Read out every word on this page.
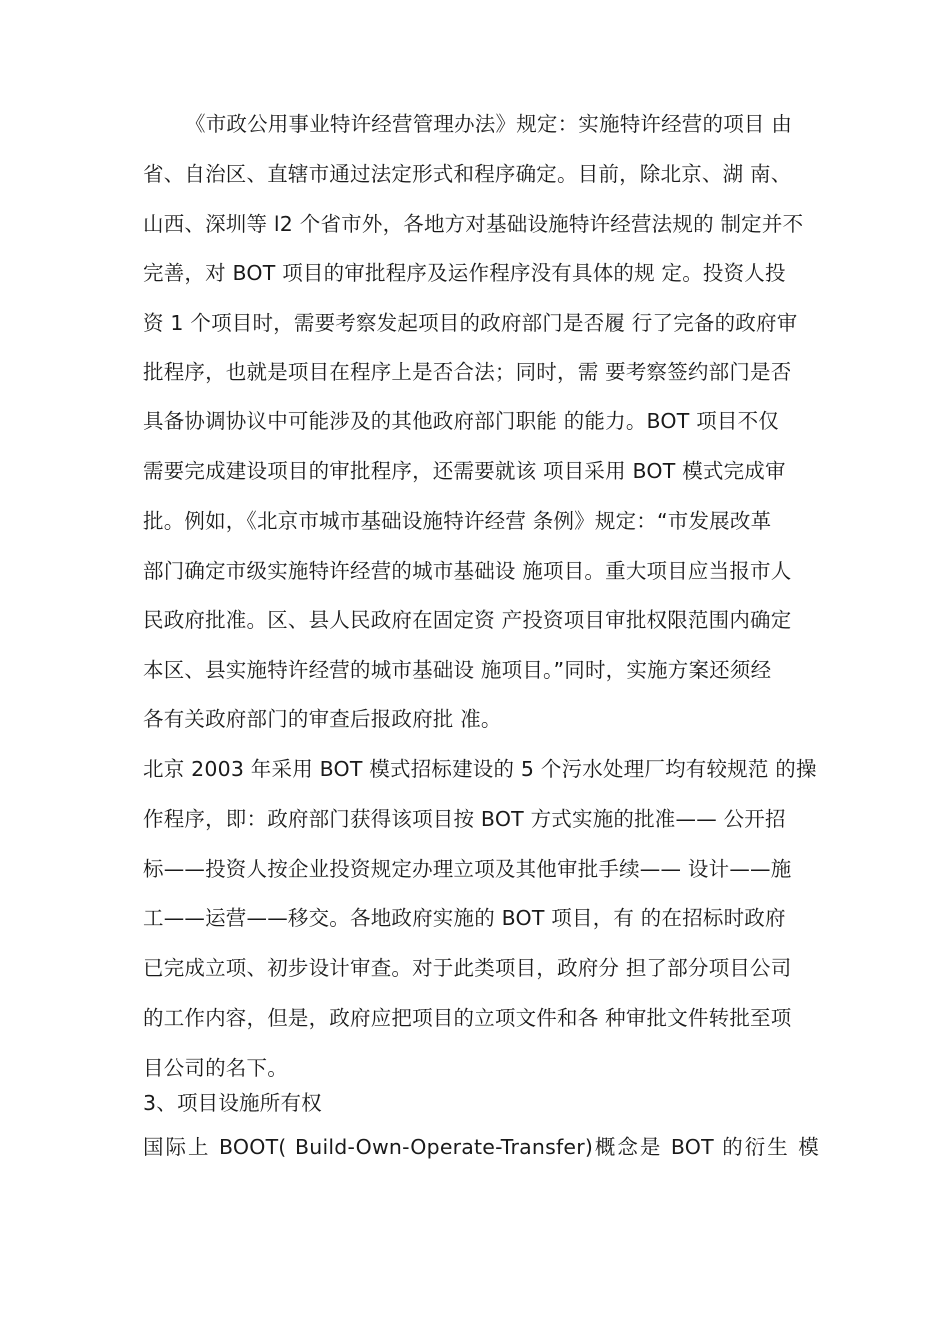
《市政公用事业特许经营管理办法》规定：实施特许经营的项目 由
省、自治区、直辖市通过法定形式和程序确定。目前，除北京、湖 南、
山西、深圳等 l2 个省市外，各地方对基础设施特许经营法规的 制定并不
完善，对 BOT 项目的审批程序及运作程序没有具体的规 定。投资人投
资 1 个项目时，需要考察发起项目的政府部门是否履 行了完备的政府审
批程序，也就是项目在程序上是否合法；同时，需 要考察签约部门是否
具备协调协议中可能涉及的其他政府部门职能 的能力。BOT 项目不仅
需要完成建设项目的审批程序，还需要就该 项目采用 BOT 模式完成审
批。例如，《北京市城市基础设施特许经营 条例》规定：“市发展改革
部门确定市级实施特许经营的城市基础设 施项目。重大项目应当报市人
民政府批准。区、县人民政府在固定资 产投资项目审批权限范围内确定
本区、县实施特许经营的城市基础设 施项目。”同时，实施方案还须经
各有关政府部门的审查后报政府批 准。
北京 2003 年采用 BOT 模式招标建设的 5 个污水处理厂均有较规范 的操
作程序，即：政府部门获得该项目按 BOT 方式实施的批准—— 公开招
标——投资人按企业投资规定办理立项及其他审批手续—— 设计——施
工——运营——移交。各地政府实施的 BOT 项目，有 的在招标时政府
已完成立项、初步设计审查。对于此类项目，政府分 担了部分项目公司
的工作内容，但是，政府应把项目的立项文件和各 种审批文件转批至项
目公司的名下。
3、项目设施所有权
国际上 BOOT( Build-Own-Operate-Transfer)概念是 BOT 的衍生 模
